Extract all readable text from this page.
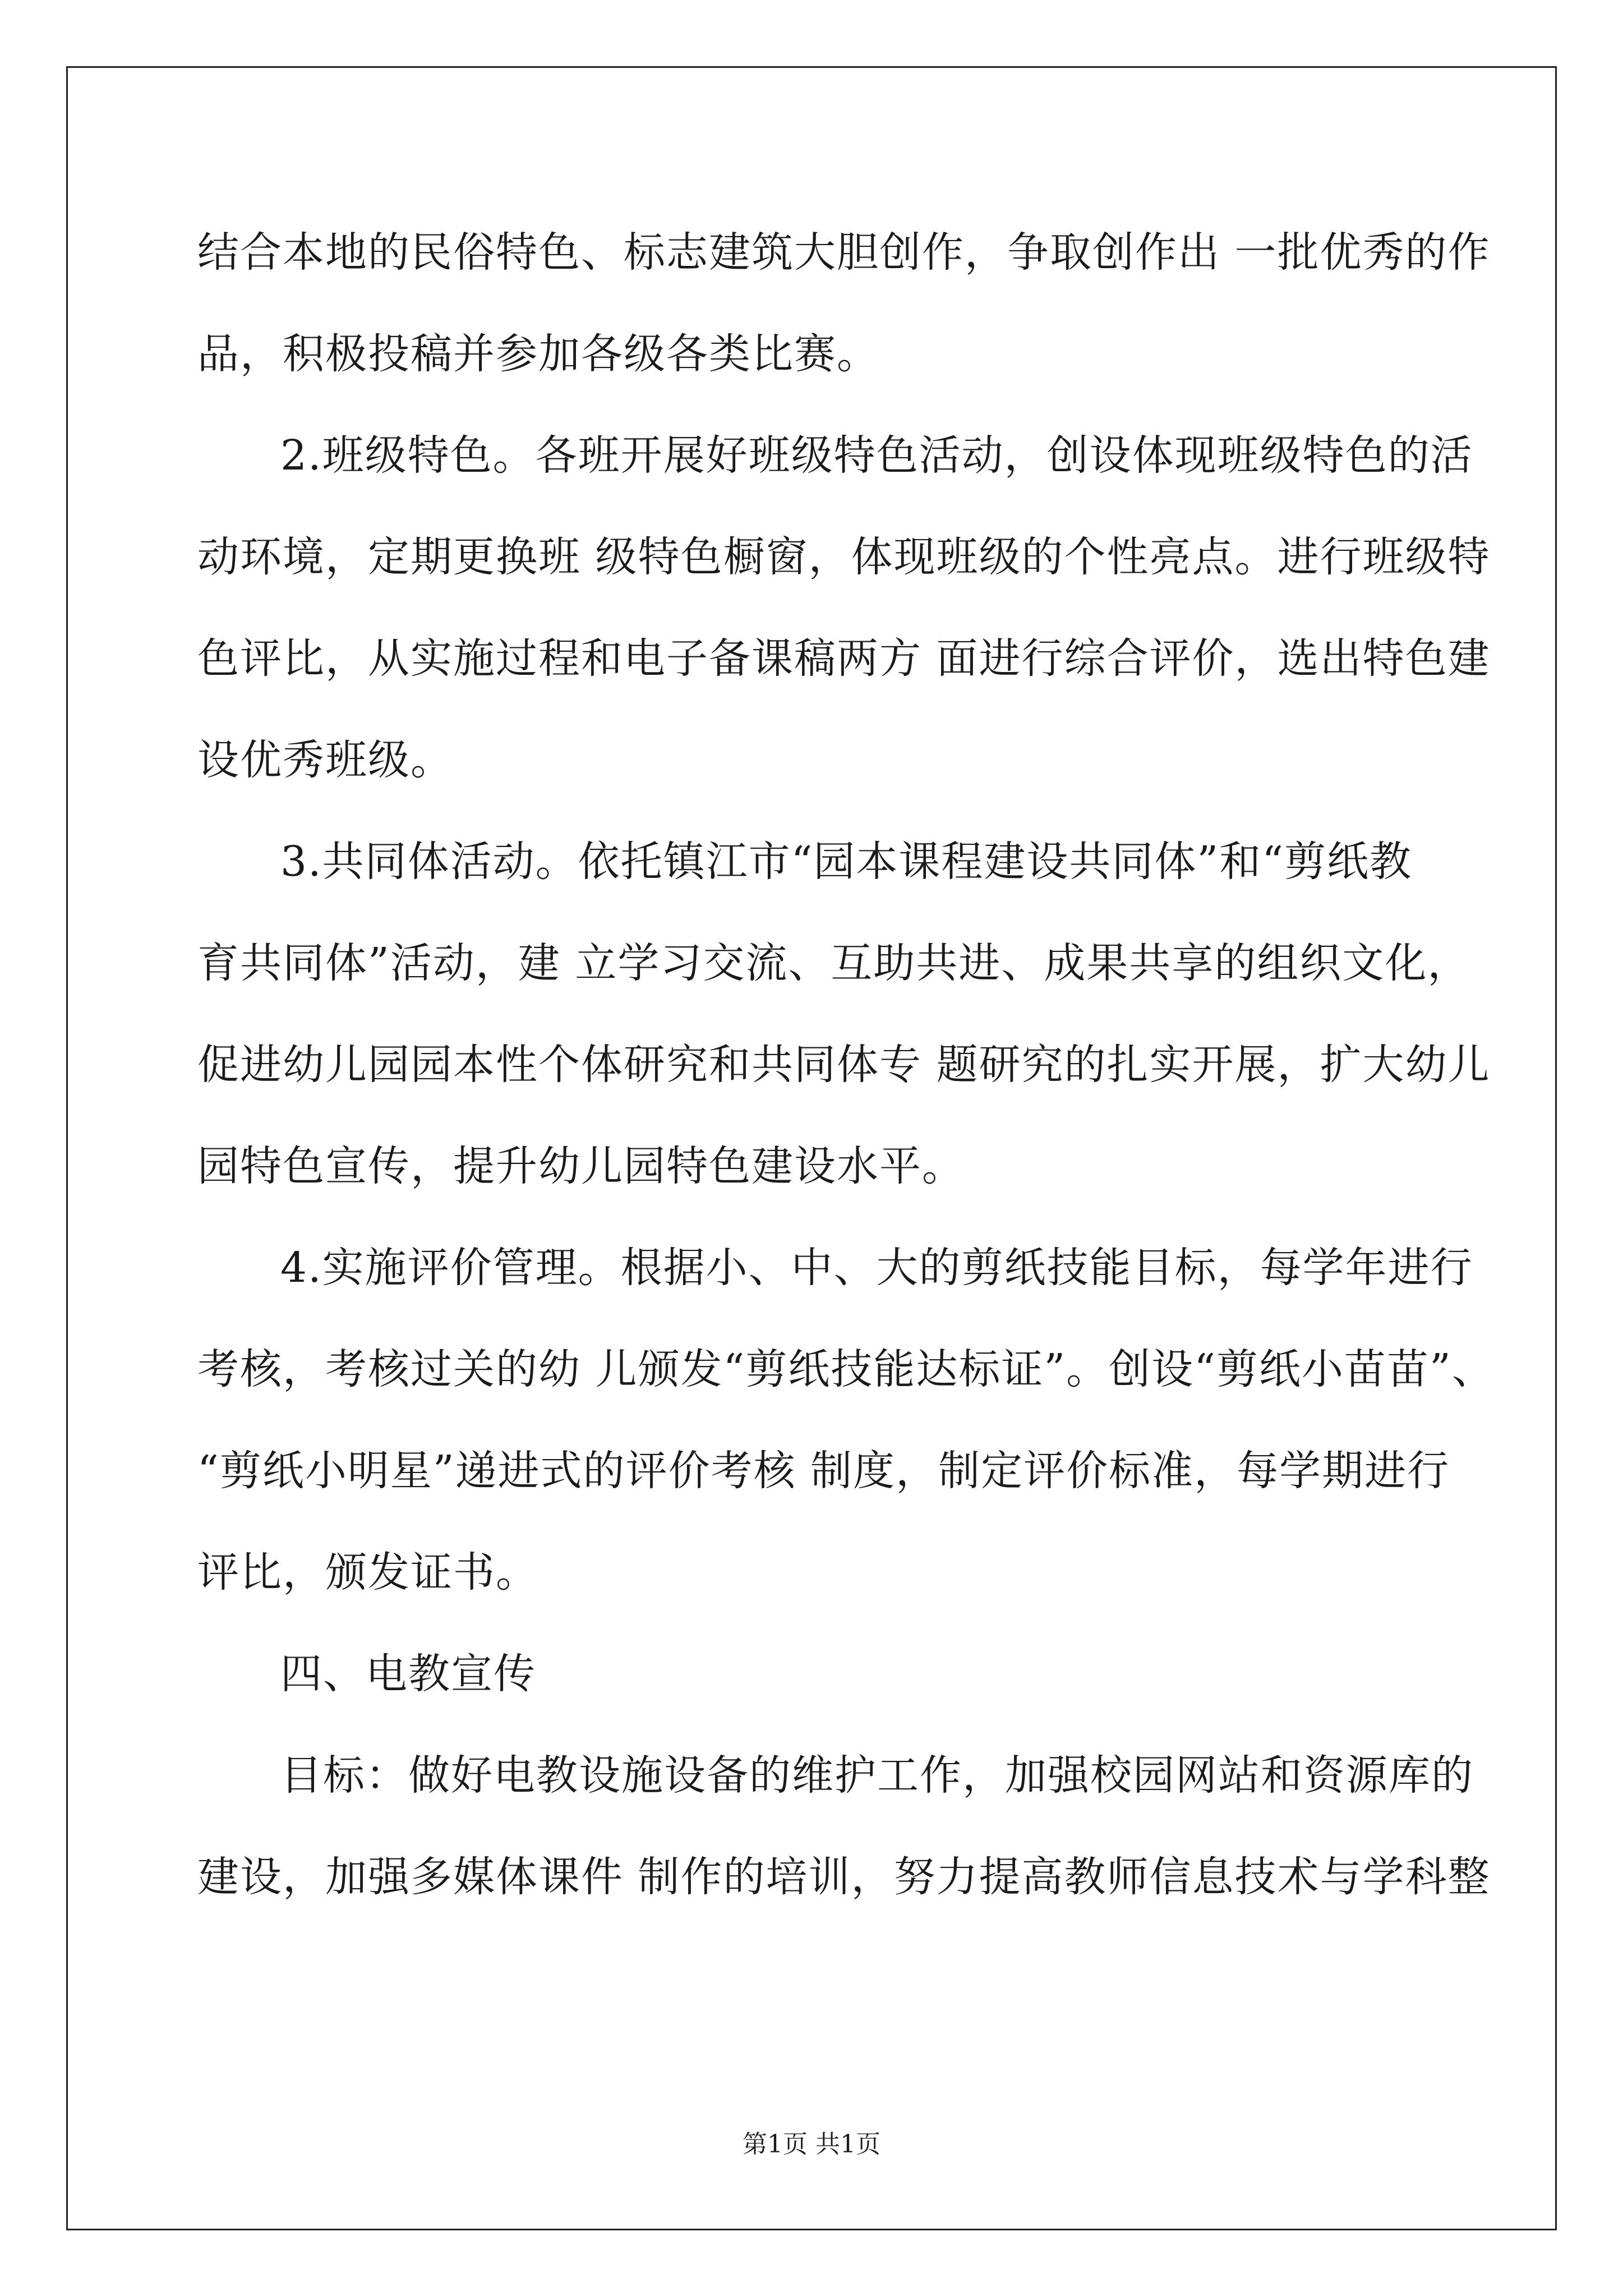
结合本地的民俗特色、标志建筑大胆创作，争取创作出 一批优秀的作
品，积极投稿并参加各级各类比赛。
2.班级特色。各班开展好班级特色活动，创设体现班级特色的活
动环境，定期更换班 级特色橱窗，体现班级的个性亮点。进行班级特
色评比，从实施过程和电子备课稿两方 面进行综合评价，选出特色建
设优秀班级。
3.共同体活动。依托镇江市“园本课程建设共同体”和“剪纸教
育共同体”活动，建 立学习交流、互助共进、成果共享的组织文化，
促进幼儿园园本性个体研究和共同体专 题研究的扎实开展，扩大幼儿
园特色宣传，提升幼儿园特色建设水平。
4.实施评价管理。根据小、中、大的剪纸技能目标，每学年进行
考核，考核过关的幼 儿颁发“剪纸技能达标证”。创设“剪纸小苗苗”、
“剪纸小明星”递进式的评价考核 制度，制定评价标准，每学期进行
评比，颁发证书。
四、电教宣传
目标：做好电教设施设备的维护工作，加强校园网站和资源库的
建设，加强多媒体课件 制作的培训，努力提高教师信息技术与学科整
第1页 共1页
